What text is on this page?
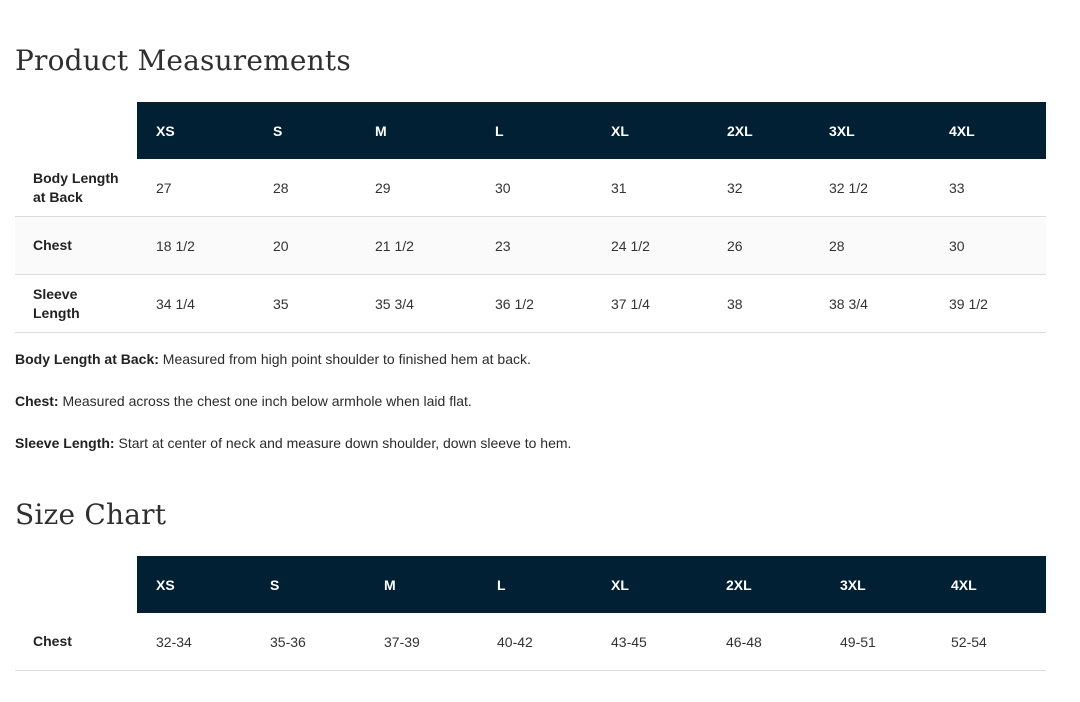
Product Measurements
	XS	S	M	L	XL	2XL	3XL	4XL
Body Length
at Back	27	28	29	30	31	32	32 1/2	33
Chest	18 1/2	20	21 1/2	23	24 1/2	26	28	30
Sleeve
Length	34 1/4	35	35 3/4	36 1/2	37 1/4	38	38 3/4	39 1/2

Body Length at Back: Measured from high point shoulder to finished hem at back.

Chest: Measured across the chest one inch below armhole when laid flat.

Sleeve Length: Start at center of neck and measure down shoulder, down sleeve to hem.

Size Chart
	XS	S	M	L	XL	2XL	3XL	4XL
Chest	32-34	35-36	37-39	40-42	43-45	46-48	49-51	52-54
